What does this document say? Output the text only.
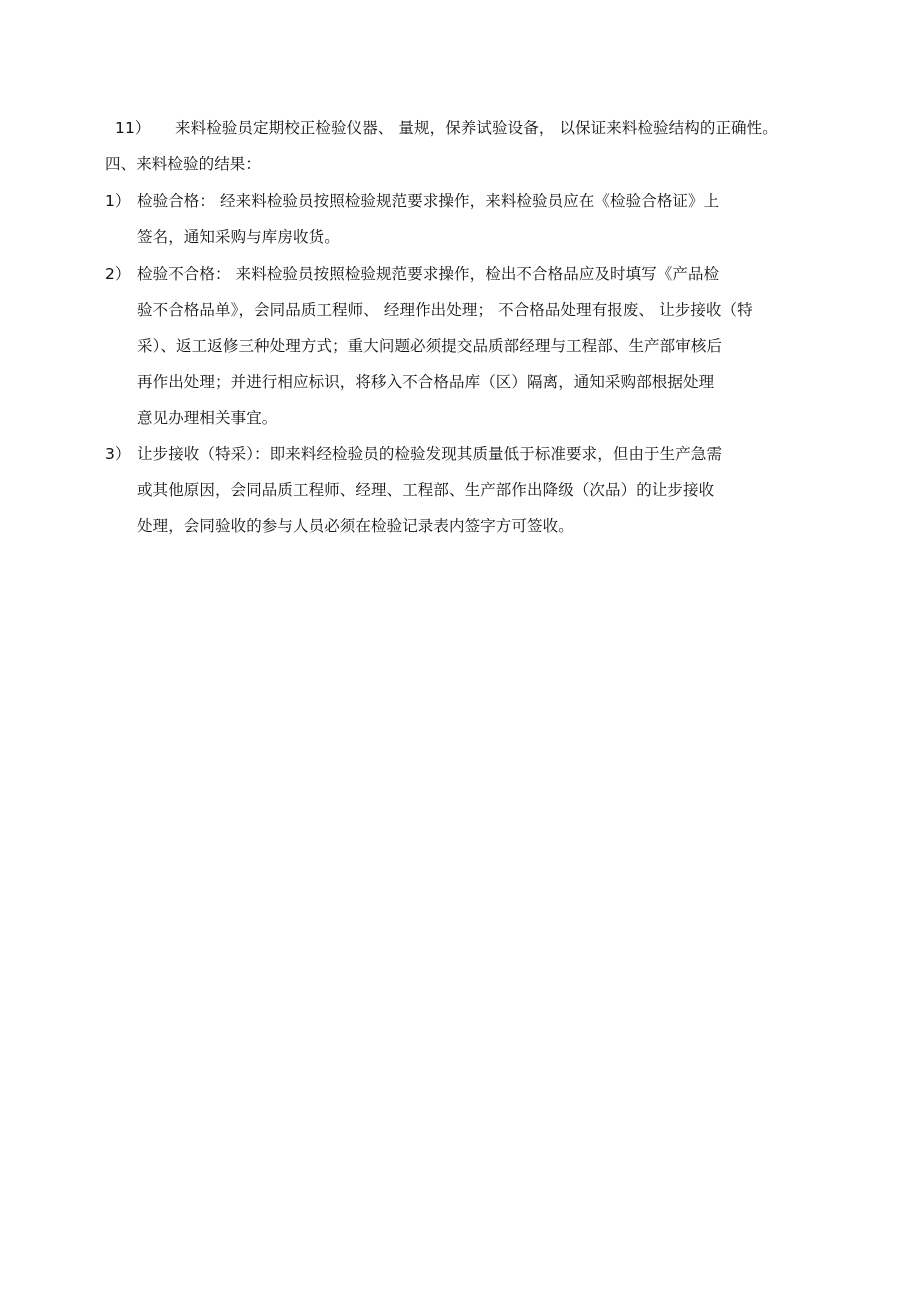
11） 来料检验员定期校正检验仪器、 量规，保养试验设备， 以保证来料检验结构的正确性。
四、来料检验的结果：
1） 检验合格： 经来料检验员按照检验规范要求操作，来料检验员应在《检验合格证》上
签名，通知采购与库房收货。
2） 检验不合格： 来料检验员按照检验规范要求操作，检出不合格品应及时填写《产品检
验不合格品单》，会同品质工程师、 经理作出处理； 不合格品处理有报废、 让步接收（特
采）、返工返修三种处理方式；重大问题必须提交品质部经理与工程部、生产部审核后
再作出处理；并进行相应标识，将移入不合格品库（区）隔离，通知采购部根据处理
意见办理相关事宜。
3） 让步接收（特采）：即来料经检验员的检验发现其质量低于标准要求，但由于生产急需
或其他原因，会同品质工程师、经理、工程部、生产部作出降级（次品）的让步接收
处理，会同验收的参与人员必须在检验记录表内签字方可签收。
